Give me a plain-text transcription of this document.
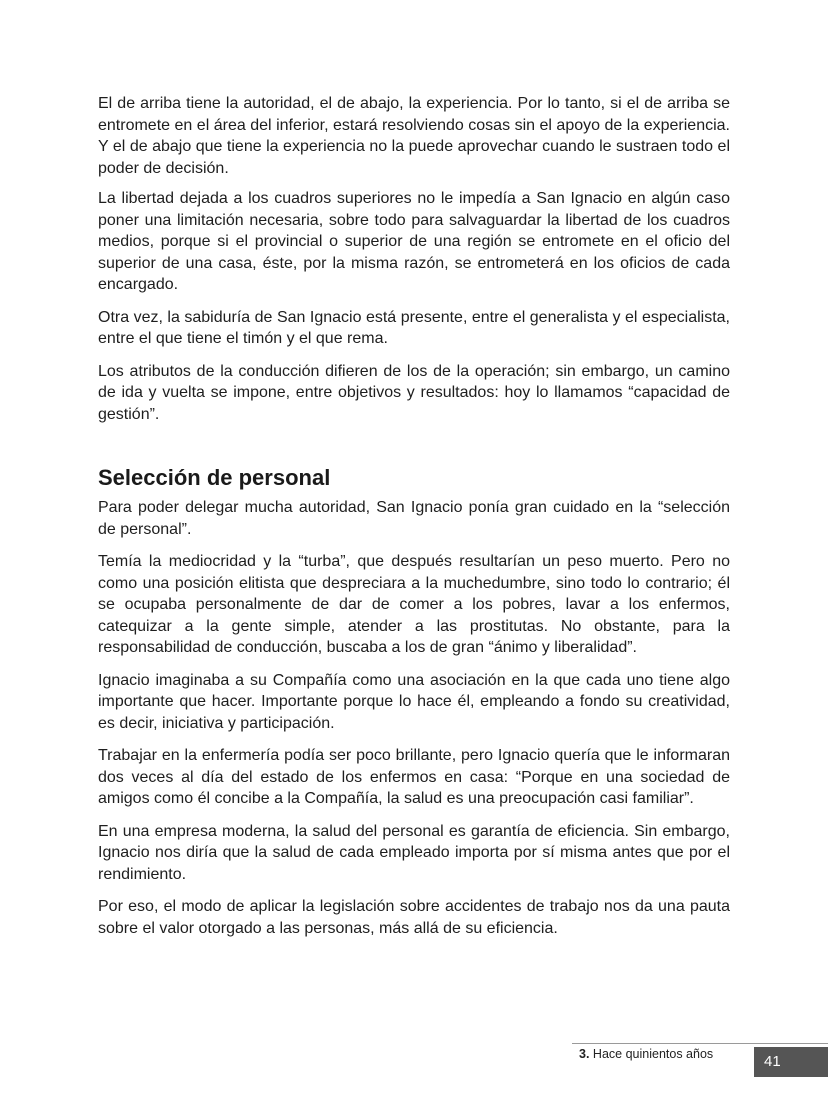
El de arriba tiene la autoridad, el de abajo, la experiencia. Por lo tanto, si el de arriba se entromete en el área del inferior, estará resolviendo cosas sin el apoyo de la experiencia. Y el de abajo que tiene la experiencia no la puede aprovechar cuando le sustraen todo el poder de decisión.

La libertad dejada a los cuadros superiores no le impedía a San Ignacio en algún caso poner una limitación necesaria, sobre todo para salvaguardar la libertad de los cuadros medios, porque si el provincial o superior de una región se entromete en el oficio del superior de una casa, éste, por la misma razón, se entrometerá en los oficios de cada encargado.

Otra vez, la sabiduría de San Ignacio está presente, entre el generalista y el especialista, entre el que tiene el timón y el que rema.

Los atributos de la conducción difieren de los de la operación; sin embargo, un camino de ida y vuelta se impone, entre objetivos y resultados: hoy lo llamamos “capacidad de gestión”.

Selección de personal

Para poder delegar mucha autoridad, San Ignacio ponía gran cuidado en la “selección de personal”.

Temía la mediocridad y la “turba”, que después resultarían un peso muerto. Pero no como una posición elitista que despreciara a la muchedumbre, sino todo lo contrario; él se ocupaba personalmente de dar de comer a los pobres, lavar a los enfermos, catequizar a la gente simple, atender a las prostitutas. No obstante, para la responsabilidad de conducción, buscaba a los de gran “ánimo y liberalidad”.

Ignacio imaginaba a su Compañía como una asociación en la que cada uno tiene algo importante que hacer. Importante porque lo hace él, empleando a fondo su creatividad, es decir, iniciativa y participación.

Trabajar en la enfermería podía ser poco brillante, pero Ignacio quería que le informaran dos veces al día del estado de los enfermos en casa: “Porque en una sociedad de amigos como él concibe a la Compañía, la salud es una preocupación casi familiar”.

En una empresa moderna, la salud del personal es garantía de eficiencia. Sin embargo, Ignacio nos diría que la salud de cada empleado importa por sí misma antes que por el rendimiento.

Por eso, el modo de aplicar la legislación sobre accidentes de trabajo nos da una pauta sobre el valor otorgado a las personas, más allá de su eficiencia.

3. Hace quinientos años	41
